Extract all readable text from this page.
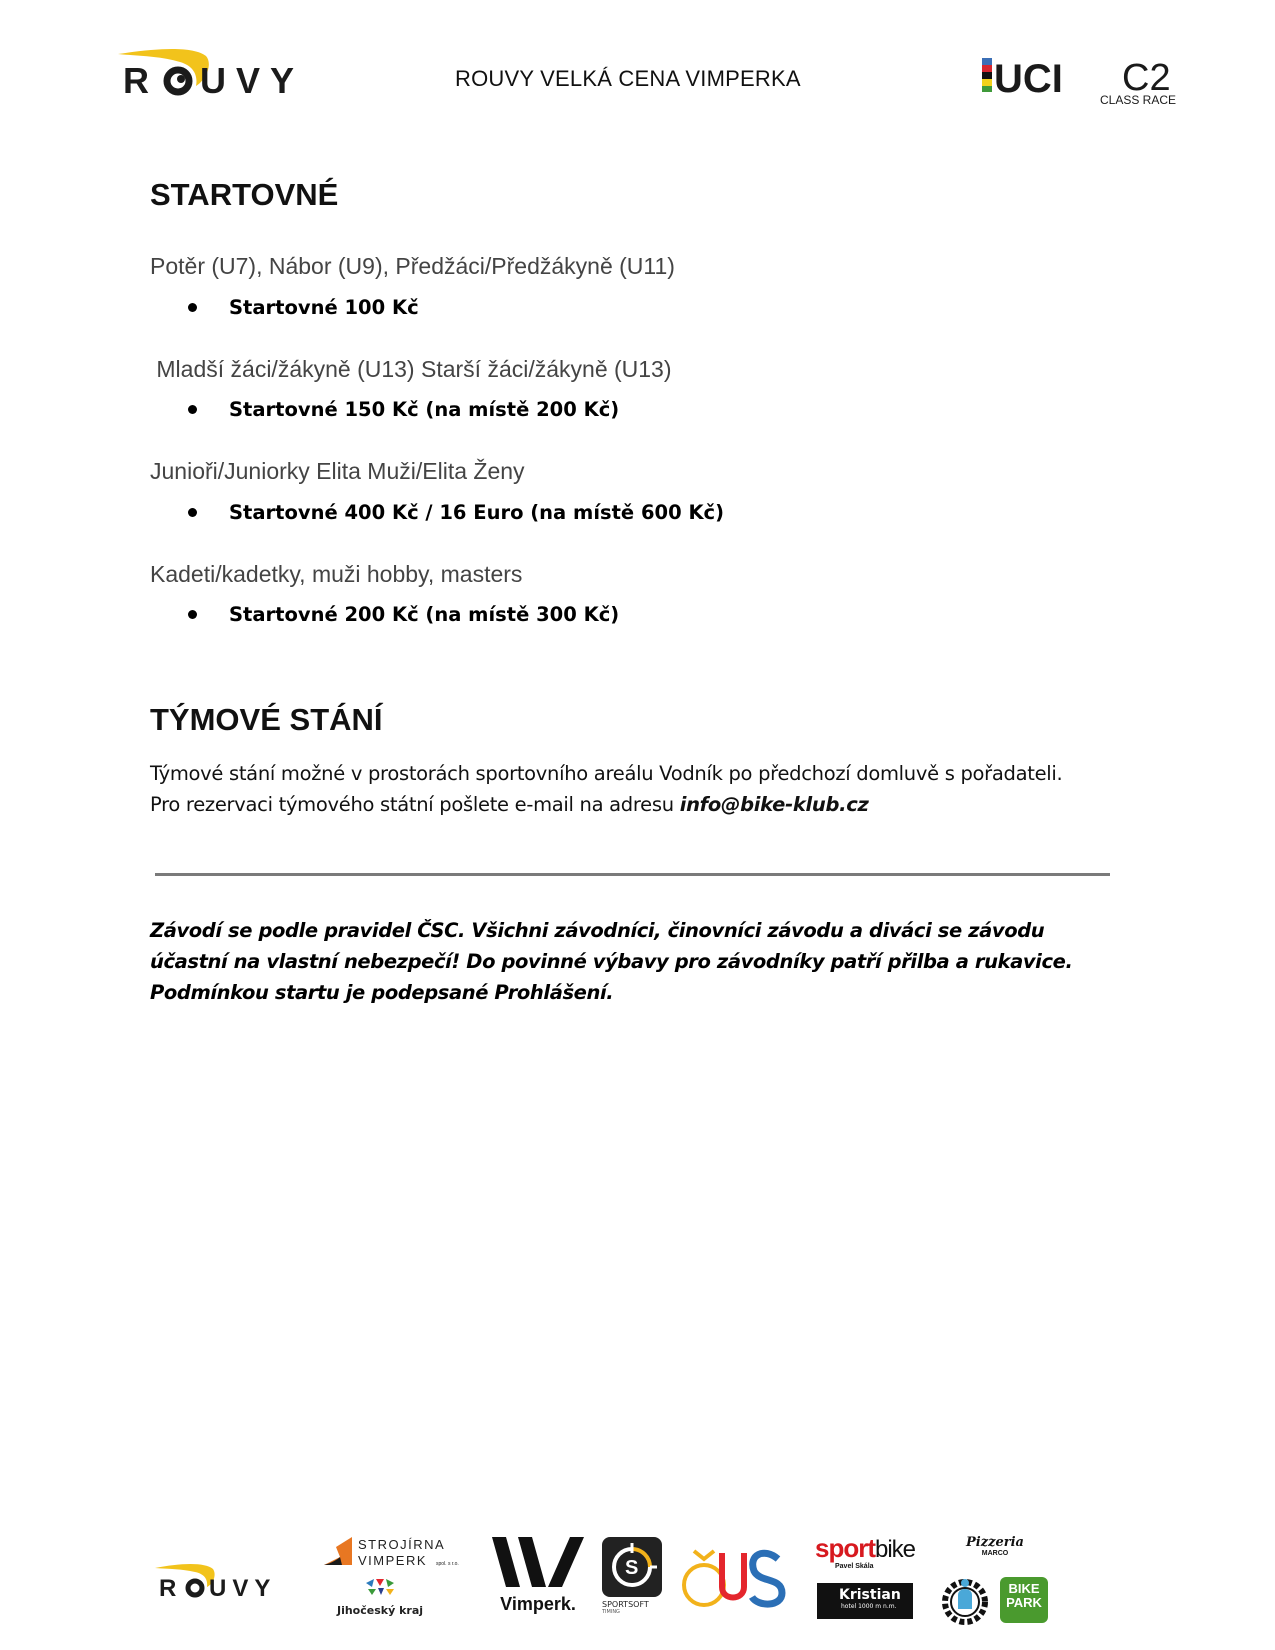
R UVY	ROUVY VELKÁ CENA VIMPERKA	UCI C2
CLASS RACE
STARTOVNÉ
Potěr (U7), Nábor (U9), Předžáci/Předžákyně (U11)
Startovné 100 Kč
Mladší žáci/žákyně (U13) Starší žáci/žákyně (U13)
Startovné 150 Kč (na místě 200 Kč)
Junioři/Juniorky Elita Muži/Elita Ženy
Startovné 400 Kč / 16 Euro (na místě 600 Kč)
Kadeti/kadetky, muži hobby, masters
Startovné 200 Kč (na místě 300 Kč)
TÝMOVÉ STÁNÍ
Týmové stání možné v prostorách sportovního areálu Vodník po předchozí domluvě s pořadateli. Pro rezervaci týmového státní pošlete e-mail na adresu info@bike-klub.cz
Závodí se podle pravidel ČSC. Všichni závodníci, činovníci závodu a diváci se závodu účastní na vlastní nebezpečí! Do povinné výbavy pro závodníky patří přilba a rukavice. Podmínkou startu je podepsané Prohlášení.
R UVY
STROJÍRNA
VIMPERK spol. s r.o.
Jihočeský kraj	Vimperk.
S
SPORTSOFT
TIMING
sportbike
Pavel Skála
Kristian
hotel 1000 m n.m.
Pizzeria
MARCO
BIKE
PARK
